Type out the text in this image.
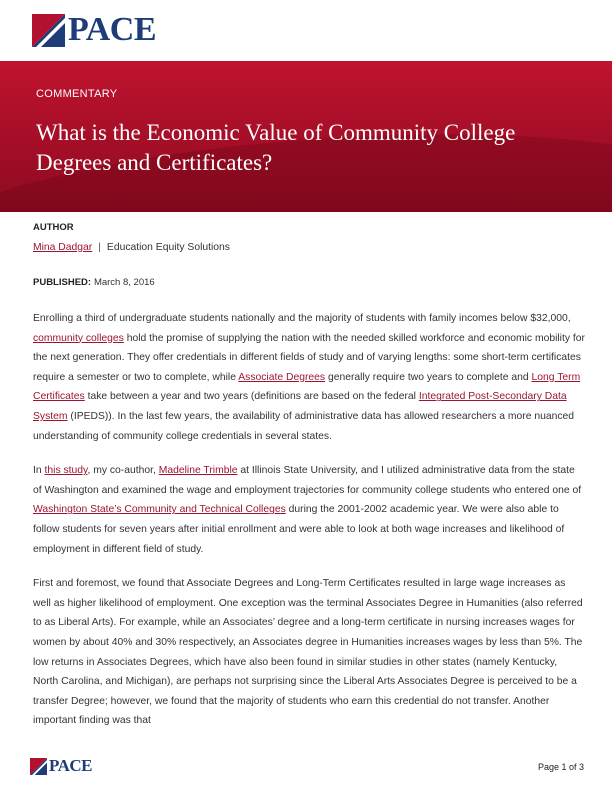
PACE
COMMENTARY
What is the Economic Value of Community College Degrees and Certificates?

AUTHOR

Mina Dadgar | Education Equity Solutions

PUBLISHED: March 8, 2016

Enrolling a third of undergraduate students nationally and the majority of students with family incomes below $32,000, community colleges hold the promise of supplying the nation with the needed skilled workforce and economic mobility for the next generation. They offer credentials in different fields of study and of varying lengths: some short-term certificates require a semester or two to complete, while Associate Degrees generally require two years to complete and Long Term Certificates take between a year and two years (definitions are based on the federal Integrated Post-Secondary Data System (IPEDS)). In the last few years, the availability of administrative data has allowed researchers a more nuanced understanding of community college credentials in several states.

In this study, my co-author, Madeline Trimble at Illinois State University, and I utilized administrative data from the state of Washington and examined the wage and employment trajectories for community college students who entered one of Washington State’s Community and Technical Colleges during the 2001-2002 academic year. We were also able to follow students for seven years after initial enrollment and were able to look at both wage increases and likelihood of employment in different field of study.

First and foremost, we found that Associate Degrees and Long-Term Certificates resulted in large wage increases as well as higher likelihood of employment. One exception was the terminal Associates Degree in Humanities (also referred to as Liberal Arts). For example, while an Associates’ degree and a long-term certificate in nursing increases wages for women by about 40% and 30% respectively, an Associates degree in Humanities increases wages by less than 5%. The low returns in Associates Degrees, which have also been found in similar studies in other states (namely Kentucky, North Carolina, and Michigan), are perhaps not surprising since the Liberal Arts Associates Degree is perceived to be a transfer Degree; however, we found that the majority of students who earn this credential do not transfer. Another important finding was that

PACE	Page 1 of 3
